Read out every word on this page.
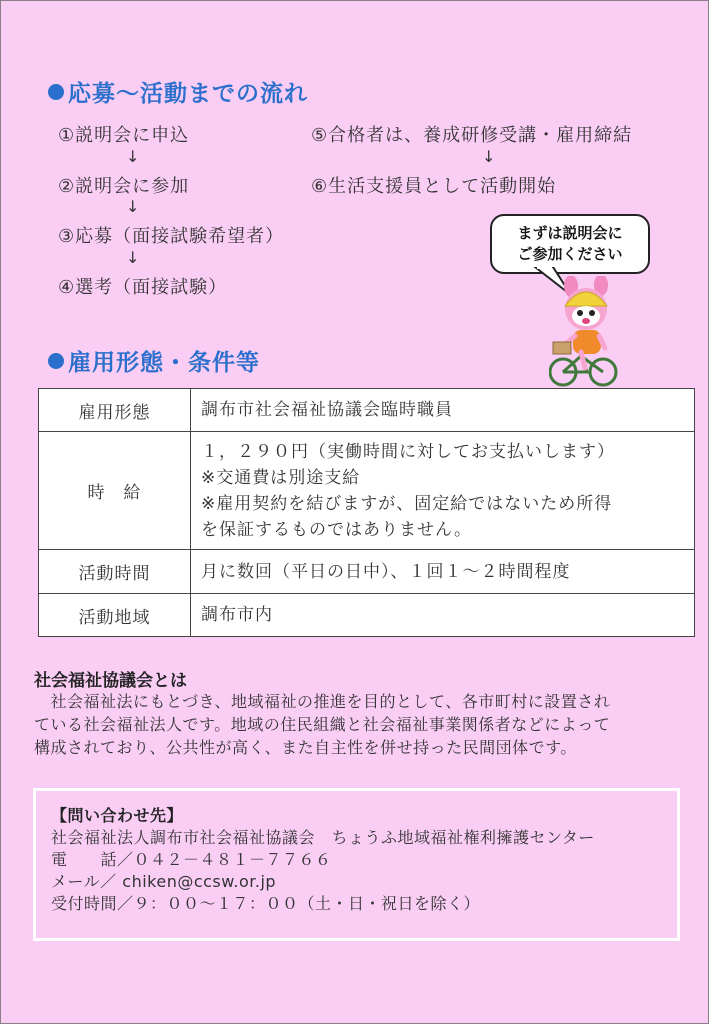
応募～活動までの流れ
①説明会に申込
↓
②説明会に参加
↓
③応募（面接試験希望者）
↓
④選考（面接試験）
⑤合格者は、養成研修受講・雇用締結
↓
⑥生活支援員として活動開始
まずは説明会に
ご参加ください
雇用形態・条件等
雇用形態	調布市社会福祉協議会臨時職員

時　給	１，２９０円（実働時間に対してお支払いします）
※交通費は別途支給
※雇用契約を結びますが、固定給ではないため所得
を保証するものではありません。

活動時間	月に数回（平日の日中）、１回１～２時間程度

活動地域	調布市内
社会福祉協議会とは
　社会福祉法にもとづき、地域福祉の推進を目的として、各市町村に設置され
ている社会福祉法人です。地域の住民組織と社会福祉事業関係者などによって
構成されており、公共性が高く、また自主性を併せ持った民間団体です。
【問い合わせ先】
社会福祉法人調布市社会福祉協議会　ちょうふ地域福祉権利擁護センター
電　　話／０４２－４８１－７７６６
メール／ chiken@ccsw.or.jp
受付時間／９：００～１７：００（土・日・祝日を除く）
